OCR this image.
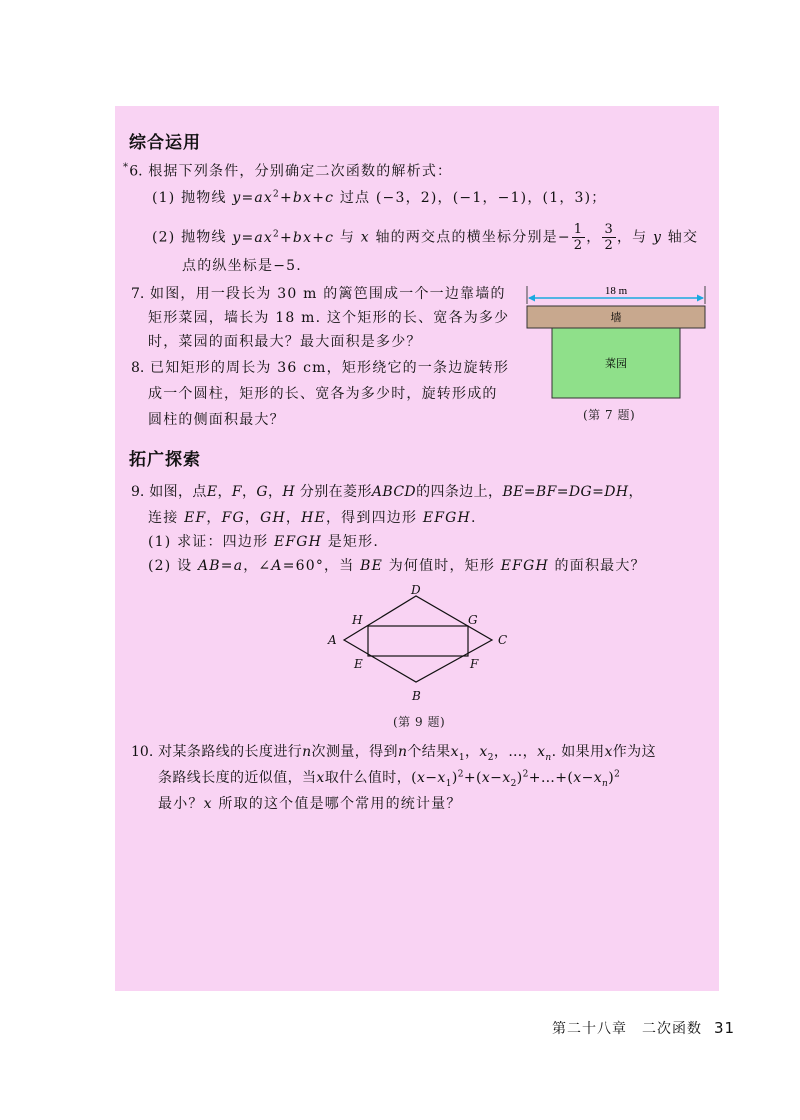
综合运用
*6. 根据下列条件，分别确定二次函数的解析式：
(1) 抛物线 $y=ax^2+bx+c$ 过点 (−3，2)，(−1，−1)，(1，3)；
(2) 抛物线 $y=ax^2+bx+c$ 与 x 轴的两交点的横坐标分别是− $\frac{1}{2}$ ， $\frac{3}{2}$ ，与 y 轴交
点的纵坐标是−5.
7. 如图，用一段长为 30 m 的篱笆围成一个一边靠墙的
矩形菜园，墙长为 18 m. 这个矩形的长、宽各为多少
时，菜园的面积最大？最大面积是多少？
8. 已知矩形的周长为 36 cm，矩形绕它的一条边旋转形
成一个圆柱，矩形的长、宽各为多少时，旋转形成的
圆柱的侧面积最大？
18 m
墙
菜园
(第 7 题)
拓广探索
9. 如图，点E，F，G，H 分别在菱形ABCD的四条边上，BE=BF=DG=DH，
连接 EF，FG，GH，HE，得到四边形 EFGH.
(1) 求证：四边形 EFGH 是矩形.
(2) 设 AB=a，∠A=60°，当 BE 为何值时，矩形 EFGH 的面积最大？
A
B
C
D
E	F
G
H
(第 9 题)
10. 对某条路线的长度进行n次测量，得到n个结果$x_1$，$x_2$，…，$x_n$. 如果用x作为这
条路线长度的近似值，当x取什么值时，$(x-x_1)^2+(x-x_2)^2+\dots+(x-x_n)^2$
最小？x 所取的这个值是哪个常用的统计量？
第二十八章　二次函数 31
